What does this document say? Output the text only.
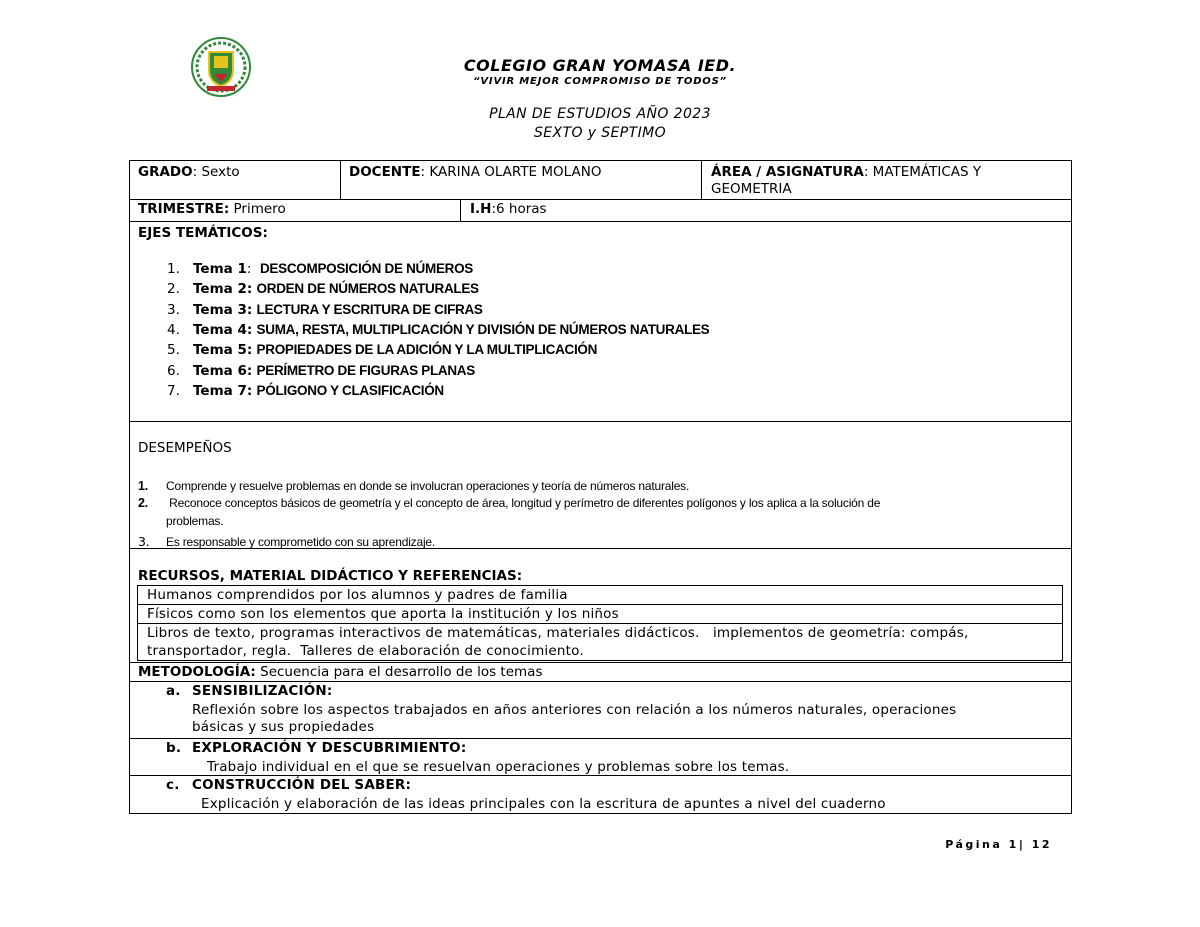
COLEGIO GRAN YOMASA IED.
“VIVIR MEJOR COMPROMISO DE TODOS”
PLAN DE ESTUDIOS AÑO 2023
SEXTO y SEPTIMO
GRADO: Sexto	DOCENTE: KARINA OLARTE MOLANO	ÁREA / ASIGNATURA: MATEMÁTICAS Y
GEOMETRIA
TRIMESTRE: Primero	I.H:6 horas
EJES TEMÁTICOS:
1. Tema 1:  DESCOMPOSICIÓN DE NÚMEROS
2. Tema 2: ORDEN DE NÚMEROS NATURALES
3. Tema 3: LECTURA Y ESCRITURA DE CIFRAS
4. Tema 4: SUMA, RESTA, MULTIPLICACIÓN Y DIVISIÓN DE NÚMEROS NATURALES
5. Tema 5: PROPIEDADES DE LA ADICIÓN Y LA MULTIPLICACIÓN
6. Tema 6: PERÍMETRO DE FIGURAS PLANAS
7. Tema 7: PÓLIGONO Y CLASIFICACIÓN
DESEMPEÑOS
1. Comprende y resuelve problemas en donde se involucran operaciones y teoría de números naturales.
2. Reconoce conceptos básicos de geometría y el concepto de área, longitud y perímetro de diferentes polígonos y los aplica a la solución de
problemas.
3. Es responsable y comprometido con su aprendizaje.
RECURSOS, MATERIAL DIDÁCTICO Y REFERENCIAS:
Humanos comprendidos por los alumnos y padres de familia
Físicos como son los elementos que aporta la institución y los niños
Libros de texto, programas interactivos de matemáticas, materiales didácticos.   implementos de geometría: compás,
transportador, regla.  Talleres de elaboración de conocimiento.
METODOLOGÍA: Secuencia para el desarrollo de los temas
a. SENSIBILIZACIÓN:
Reflexión sobre los aspectos trabajados en años anteriores con relación a los números naturales, operaciones
básicas y sus propiedades
b. EXPLORACIÓN Y DESCUBRIMIENTO:
Trabajo individual en el que se resuelvan operaciones y problemas sobre los temas.
c. CONSTRUCCIÓN DEL SABER:
Explicación y elaboración de las ideas principales con la escritura de apuntes a nivel del cuaderno
Página 1| 12
